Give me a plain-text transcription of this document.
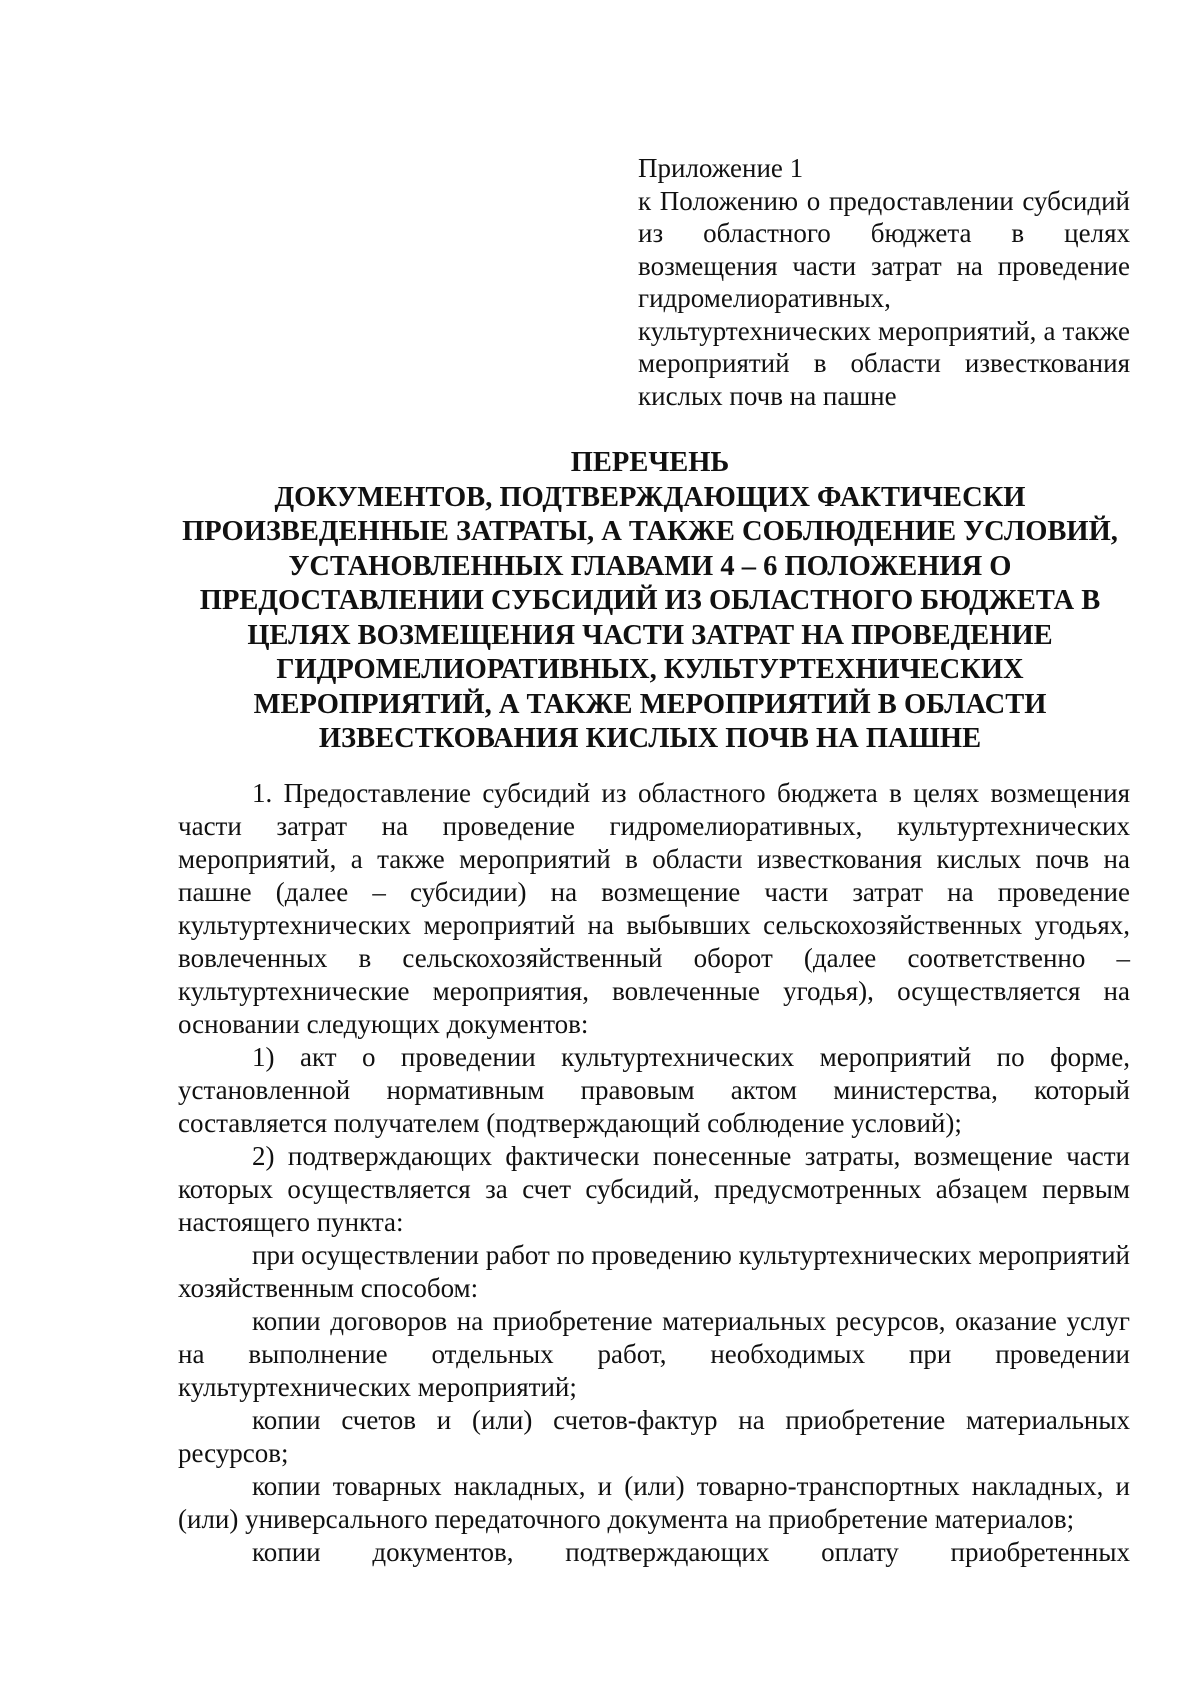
Приложение 1
к Положению о предоставлении субсидий из областного бюджета в целях возмещения части затрат на проведение гидромелиоративных, культуртехнических мероприятий, а также мероприятий в области известкования кислых почв на пашне
ПЕРЕЧЕНЬ
ДОКУМЕНТОВ, ПОДТВЕРЖДАЮЩИХ ФАКТИЧЕСКИ
ПРОИЗВЕДЕННЫЕ ЗАТРАТЫ, А ТАКЖЕ СОБЛЮДЕНИЕ УСЛОВИЙ,
УСТАНОВЛЕННЫХ ГЛАВАМИ 4 – 6 ПОЛОЖЕНИЯ О
ПРЕДОСТАВЛЕНИИ СУБСИДИЙ ИЗ ОБЛАСТНОГО БЮДЖЕТА В
ЦЕЛЯХ ВОЗМЕЩЕНИЯ ЧАСТИ ЗАТРАТ НА ПРОВЕДЕНИЕ
ГИДРОМЕЛИОРАТИВНЫХ, КУЛЬТУРТЕХНИЧЕСКИХ
МЕРОПРИЯТИЙ, А ТАКЖЕ МЕРОПРИЯТИЙ В ОБЛАСТИ
ИЗВЕСТКОВАНИЯ КИСЛЫХ ПОЧВ НА ПАШНЕ

1. Предоставление субсидий из областного бюджета в целях возмещения части затрат на проведение гидромелиоративных, культуртехнических мероприятий, а также мероприятий в области известкования кислых почв на пашне (далее – субсидии) на возмещение части затрат на проведение культуртехнических мероприятий на выбывших сельскохозяйственных угодьях, вовлеченных в сельскохозяйственный оборот (далее соответственно – культуртехнические мероприятия, вовлеченные угодья), осуществляется на основании следующих документов:

1) акт о проведении культуртехнических мероприятий по форме, установленной нормативным правовым актом министерства, который составляется получателем (подтверждающий соблюдение условий);

2) подтверждающих фактически понесенные затраты, возмещение части которых осуществляется за счет субсидий, предусмотренных абзацем первым настоящего пункта:

при осуществлении работ по проведению культуртехнических мероприятий хозяйственным способом:

копии договоров на приобретение материальных ресурсов, оказание услуг на выполнение отдельных работ, необходимых при проведении культуртехнических мероприятий;

копии счетов и (или) счетов-фактур на приобретение материальных ресурсов;

копии товарных накладных, и (или) товарно-транспортных накладных, и (или) универсального передаточного документа на приобретение материалов;

копии документов, подтверждающих оплату приобретенных
